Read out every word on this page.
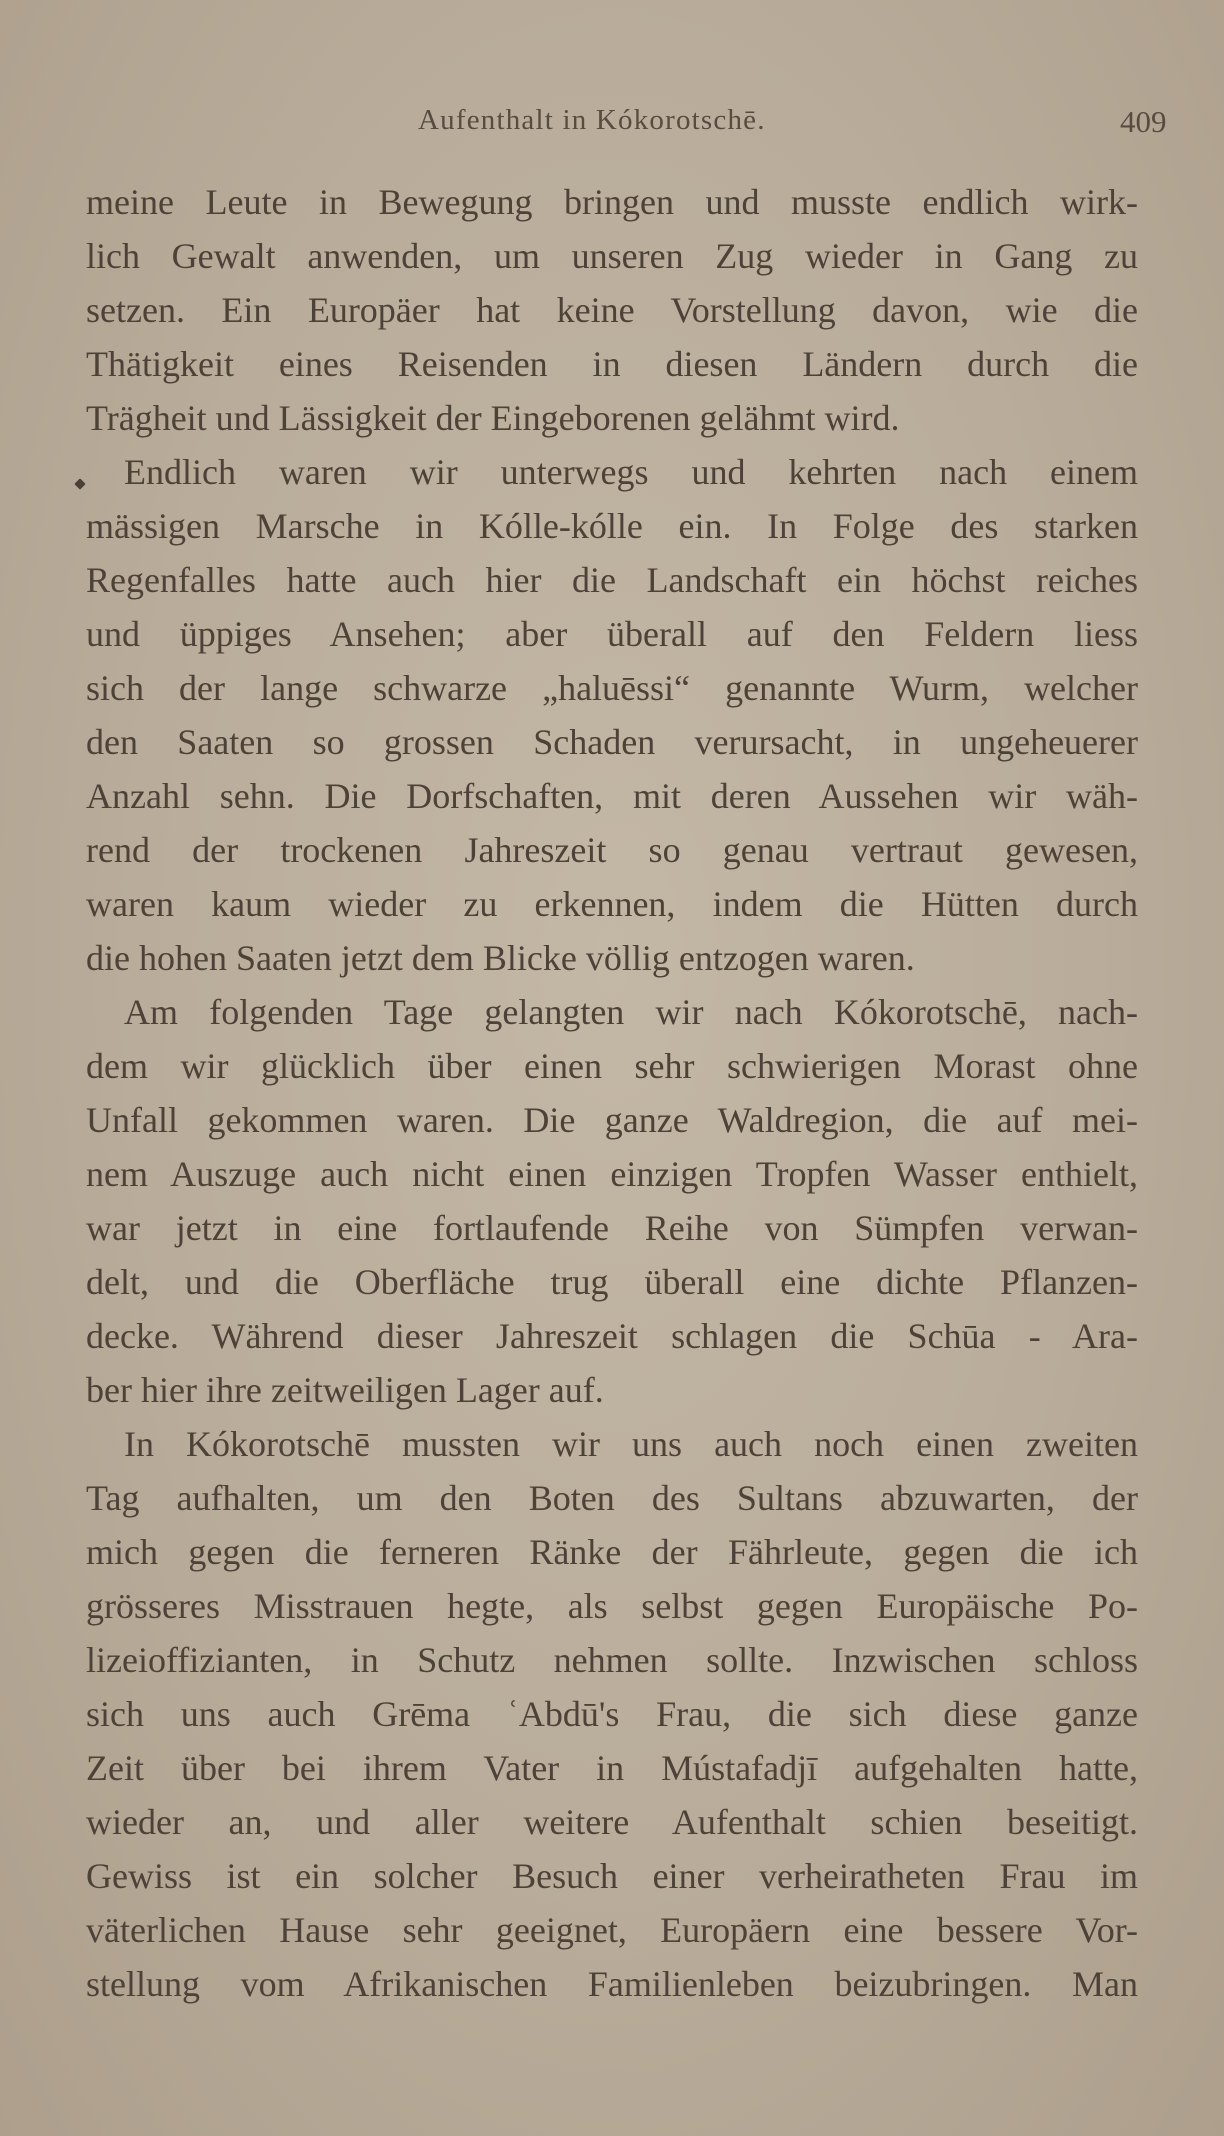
Aufenthalt in Kókorotschē.	409
meine Leute in Bewegung bringen und musste endlich wirk-
lich Gewalt anwenden, um unseren Zug wieder in Gang zu
setzen. Ein Europäer hat keine Vorstellung davon, wie die
Thätigkeit eines Reisenden in diesen Ländern durch die
Trägheit und Lässigkeit der Eingeborenen gelähmt wird.
Endlich waren wir unterwegs und kehrten nach einem
mässigen Marsche in Kólle-kólle ein. In Folge des starken
Regenfalles hatte auch hier die Landschaft ein höchst reiches
und üppiges Ansehen; aber überall auf den Feldern liess
sich der lange schwarze „haluēssi“ genannte Wurm, welcher
den Saaten so grossen Schaden verursacht, in ungeheuerer
Anzahl sehn. Die Dorfschaften, mit deren Aussehen wir wäh-
rend der trockenen Jahreszeit so genau vertraut gewesen,
waren kaum wieder zu erkennen, indem die Hütten durch
die hohen Saaten jetzt dem Blicke völlig entzogen waren.
Am folgenden Tage gelangten wir nach Kókorotschē, nach-
dem wir glücklich über einen sehr schwierigen Morast ohne
Unfall gekommen waren. Die ganze Waldregion, die auf mei-
nem Auszuge auch nicht einen einzigen Tropfen Wasser enthielt,
war jetzt in eine fortlaufende Reihe von Sümpfen verwan-
delt, und die Oberfläche trug überall eine dichte Pflanzen-
decke. Während dieser Jahreszeit schlagen die Schūa - Ara-
ber hier ihre zeitweiligen Lager auf.
In Kókorotschē mussten wir uns auch noch einen zweiten
Tag aufhalten, um den Boten des Sultans abzuwarten, der
mich gegen die ferneren Ränke der Fährleute, gegen die ich
grösseres Misstrauen hegte, als selbst gegen Europäische Po-
lizeioffizianten, in Schutz nehmen sollte. Inzwischen schloss
sich uns auch Grēma ʿAbdū's Frau, die sich diese ganze
Zeit über bei ihrem Vater in Mústafadjī aufgehalten hatte,
wieder an, und aller weitere Aufenthalt schien beseitigt.
Gewiss ist ein solcher Besuch einer verheiratheten Frau im
väterlichen Hause sehr geeignet, Europäern eine bessere Vor-
stellung vom Afrikanischen Familienleben beizubringen. Man
